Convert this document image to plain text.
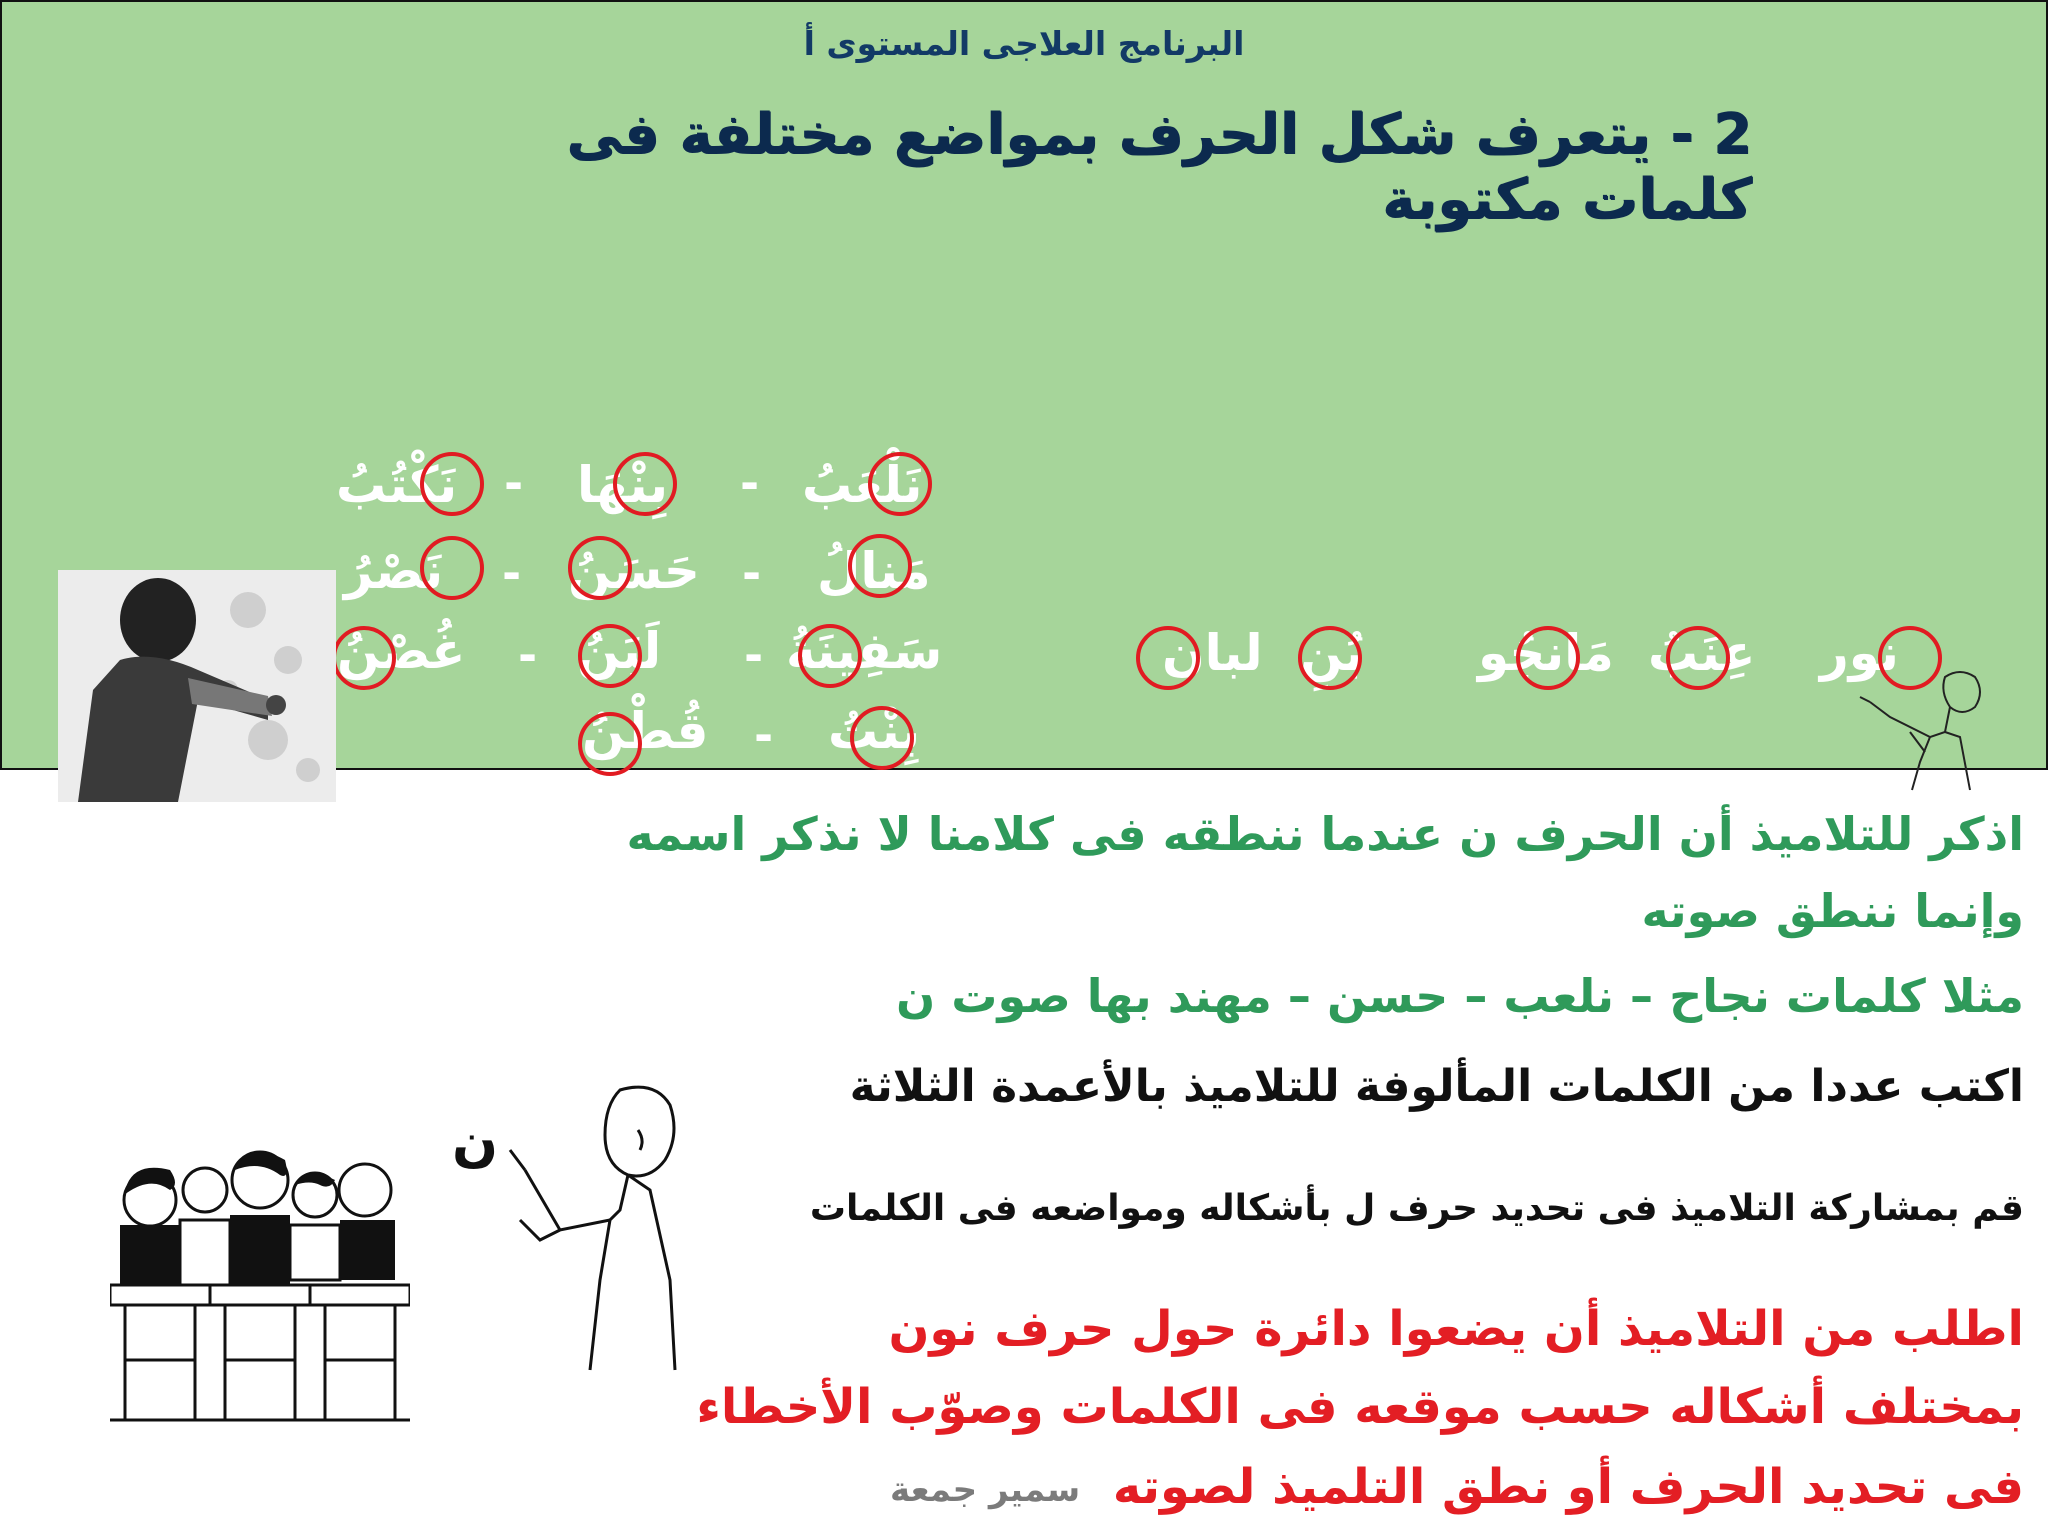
البرنامج العلاجى المستوى أ
2 - يتعرف شكل الحرف بمواضع مختلفة فى كلمات مكتوبة
نَلْعَبُ
-
بِنْهَا
-
نَكْتُبُ
مَنالُ
-
حَسَنُ
-
نَصْرُ
سَفِينَةُ
-
لَبَنُ
-
غُصْنُ
بِنْتُ
-
قُطْنُ
نور
عِنَبُ
مَانجُو
بُنِ
لبان
اذكر للتلاميذ أن الحرف ن عندما ننطقه فى كلامنا لا نذكر اسمه
وإنما ننطق صوته
مثلا كلمات نجاح – نلعب – حسن – مهند بها صوت ن
اكتب عددا من الكلمات المألوفة للتلاميذ بالأعمدة الثلاثة
قم بمشاركة التلاميذ فى تحديد حرف ل بأشكاله ومواضعه فى الكلمات
اطلب من التلاميذ أن يضعوا دائرة حول حرف نون
بمختلف أشكاله حسب موقعه فى الكلمات وصوّب الأخطاء
فى تحديد الحرف أو نطق التلميذ لصوته
سمير جمعة
ن
